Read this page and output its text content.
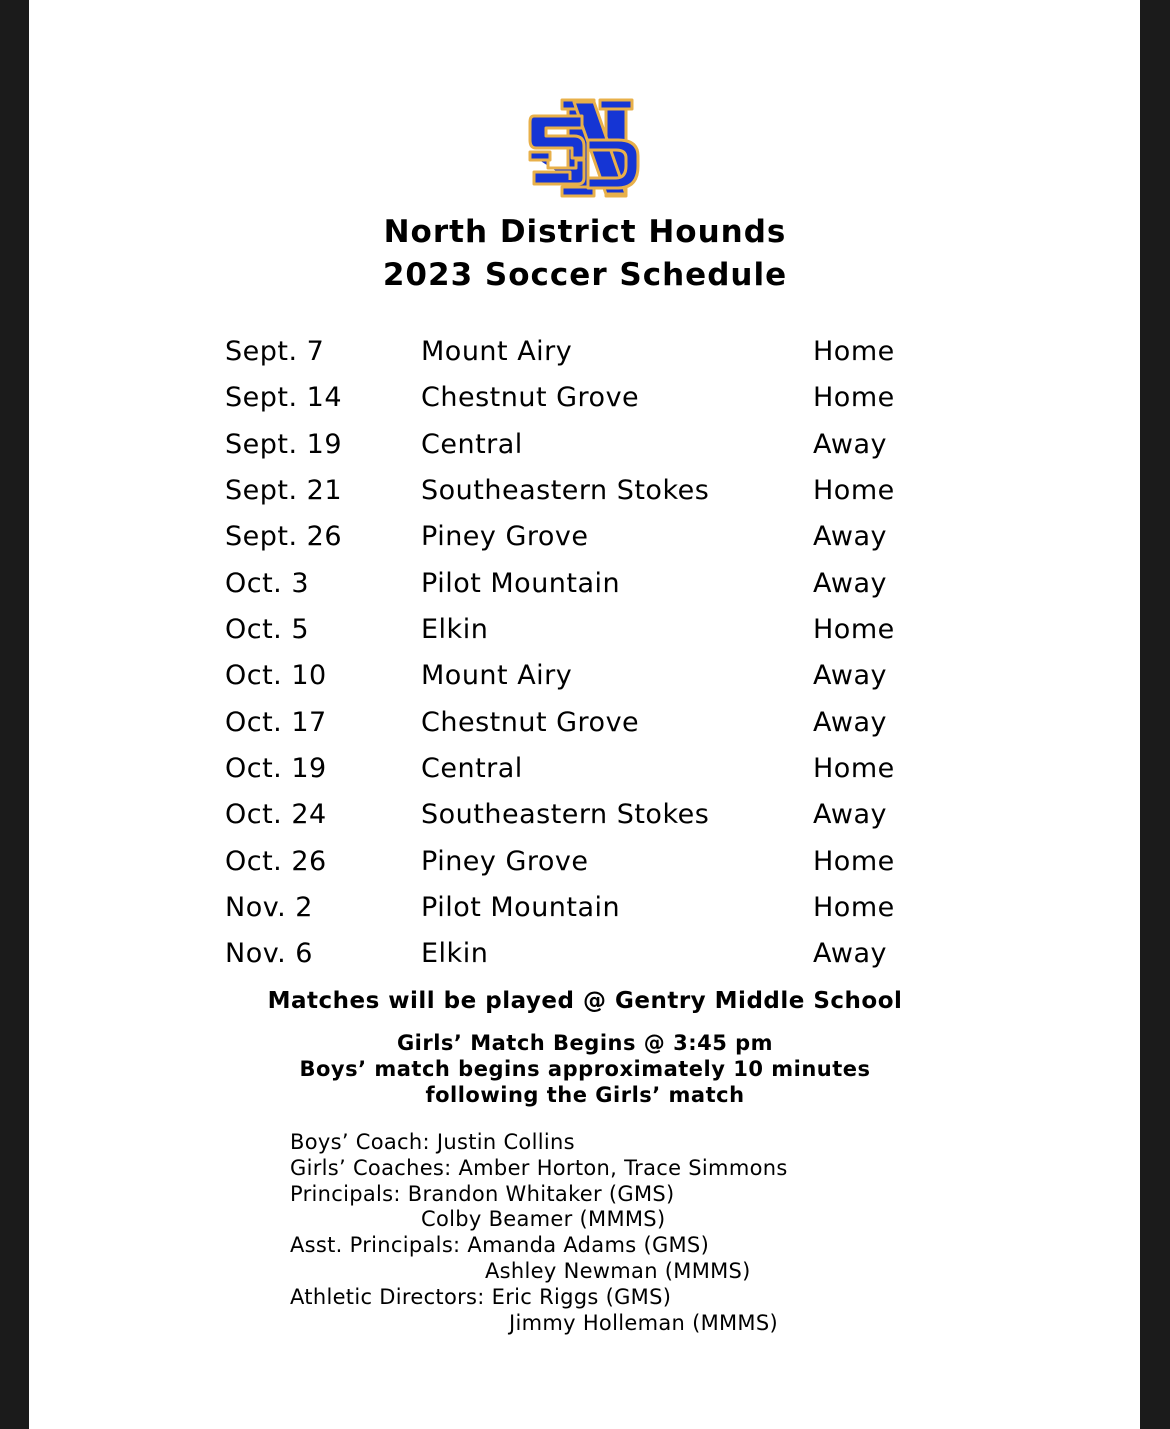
North District Hounds
2023 Soccer Schedule
Sept. 7	Mount Airy	Home
Sept. 14	Chestnut Grove	Home
Sept. 19	Central	Away
Sept. 21	Southeastern Stokes	Home
Sept. 26	Piney Grove	Away
Oct. 3	Pilot Mountain	Away
Oct. 5	Elkin	Home
Oct. 10	Mount Airy	Away
Oct. 17	Chestnut Grove	Away
Oct. 19	Central	Home
Oct. 24	Southeastern Stokes	Away
Oct. 26	Piney Grove	Home
Nov. 2	Pilot Mountain	Home
Nov. 6	Elkin	Away
Matches will be played @ Gentry Middle School
Girls’ Match Begins @ 3:45 pm
Boys’ match begins approximately 10 minutes
following the Girls’ match
Boys’ Coach: Justin Collins
Girls’ Coaches: Amber Horton, Trace Simmons
Principals: Brandon Whitaker (GMS)
Colby Beamer (MMMS)
Asst. Principals: Amanda Adams (GMS)
Ashley Newman (MMMS)
Athletic Directors: Eric Riggs (GMS)
Jimmy Holleman (MMMS)
